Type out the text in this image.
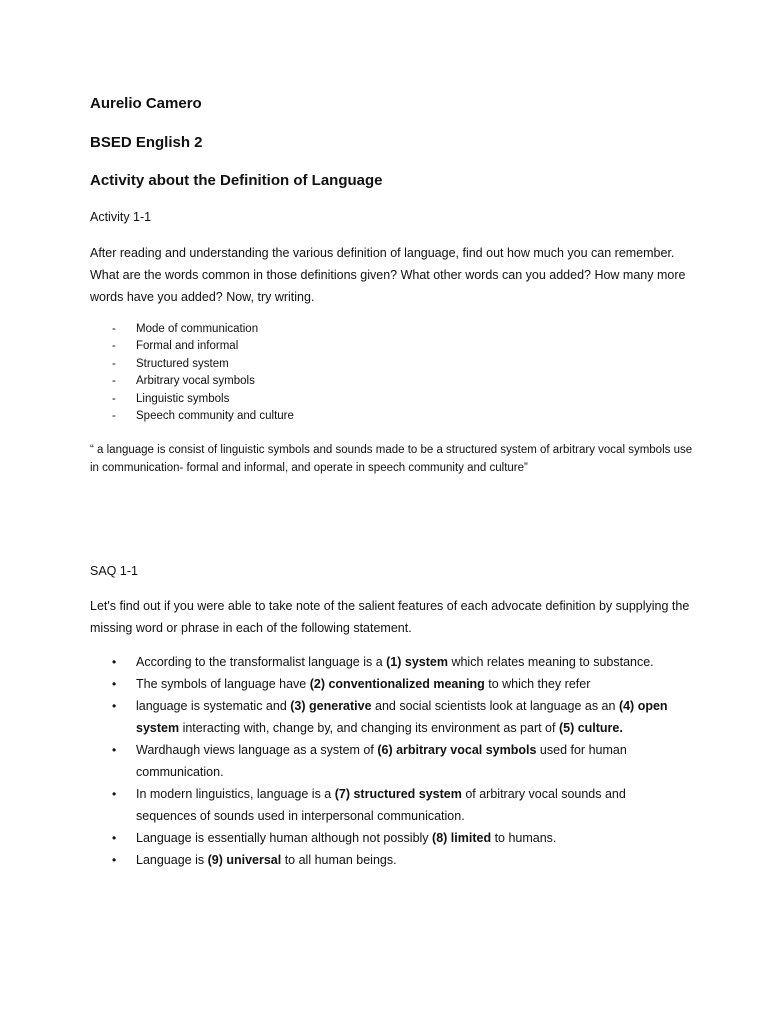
Aurelio Camero
BSED English 2
Activity about the Definition of Language
Activity 1-1
After reading and understanding the various definition of language, find out how much you can remember. What are the words common in those definitions given? What other words can you added? How many more words have you added? Now, try writing.
- Mode of communication
- Formal and informal
- Structured system
- Arbitrary vocal symbols
- Linguistic symbols
- Speech community and culture
“ a language is consist of linguistic symbols and sounds made to be a structured system of arbitrary vocal symbols use in communication- formal and informal, and operate in speech community and culture”
SAQ 1-1
Let's find out if you were able to take note of the salient features of each advocate definition by supplying the missing word or phrase in each of the following statement.
• According to the transformalist language is a (1) system which relates meaning to substance.
• The symbols of language have (2) conventionalized meaning to which they refer
• language is systematic and (3) generative and social scientists look at language as an (4) open system interacting with, change by, and changing its environment as part of (5) culture.
• Wardhaugh views language as a system of (6) arbitrary vocal symbols used for human communication.
• In modern linguistics, language is a (7) structured system of arbitrary vocal sounds and sequences of sounds used in interpersonal communication.
• Language is essentially human although not possibly (8) limited to humans.
• Language is (9) universal to all human beings.
